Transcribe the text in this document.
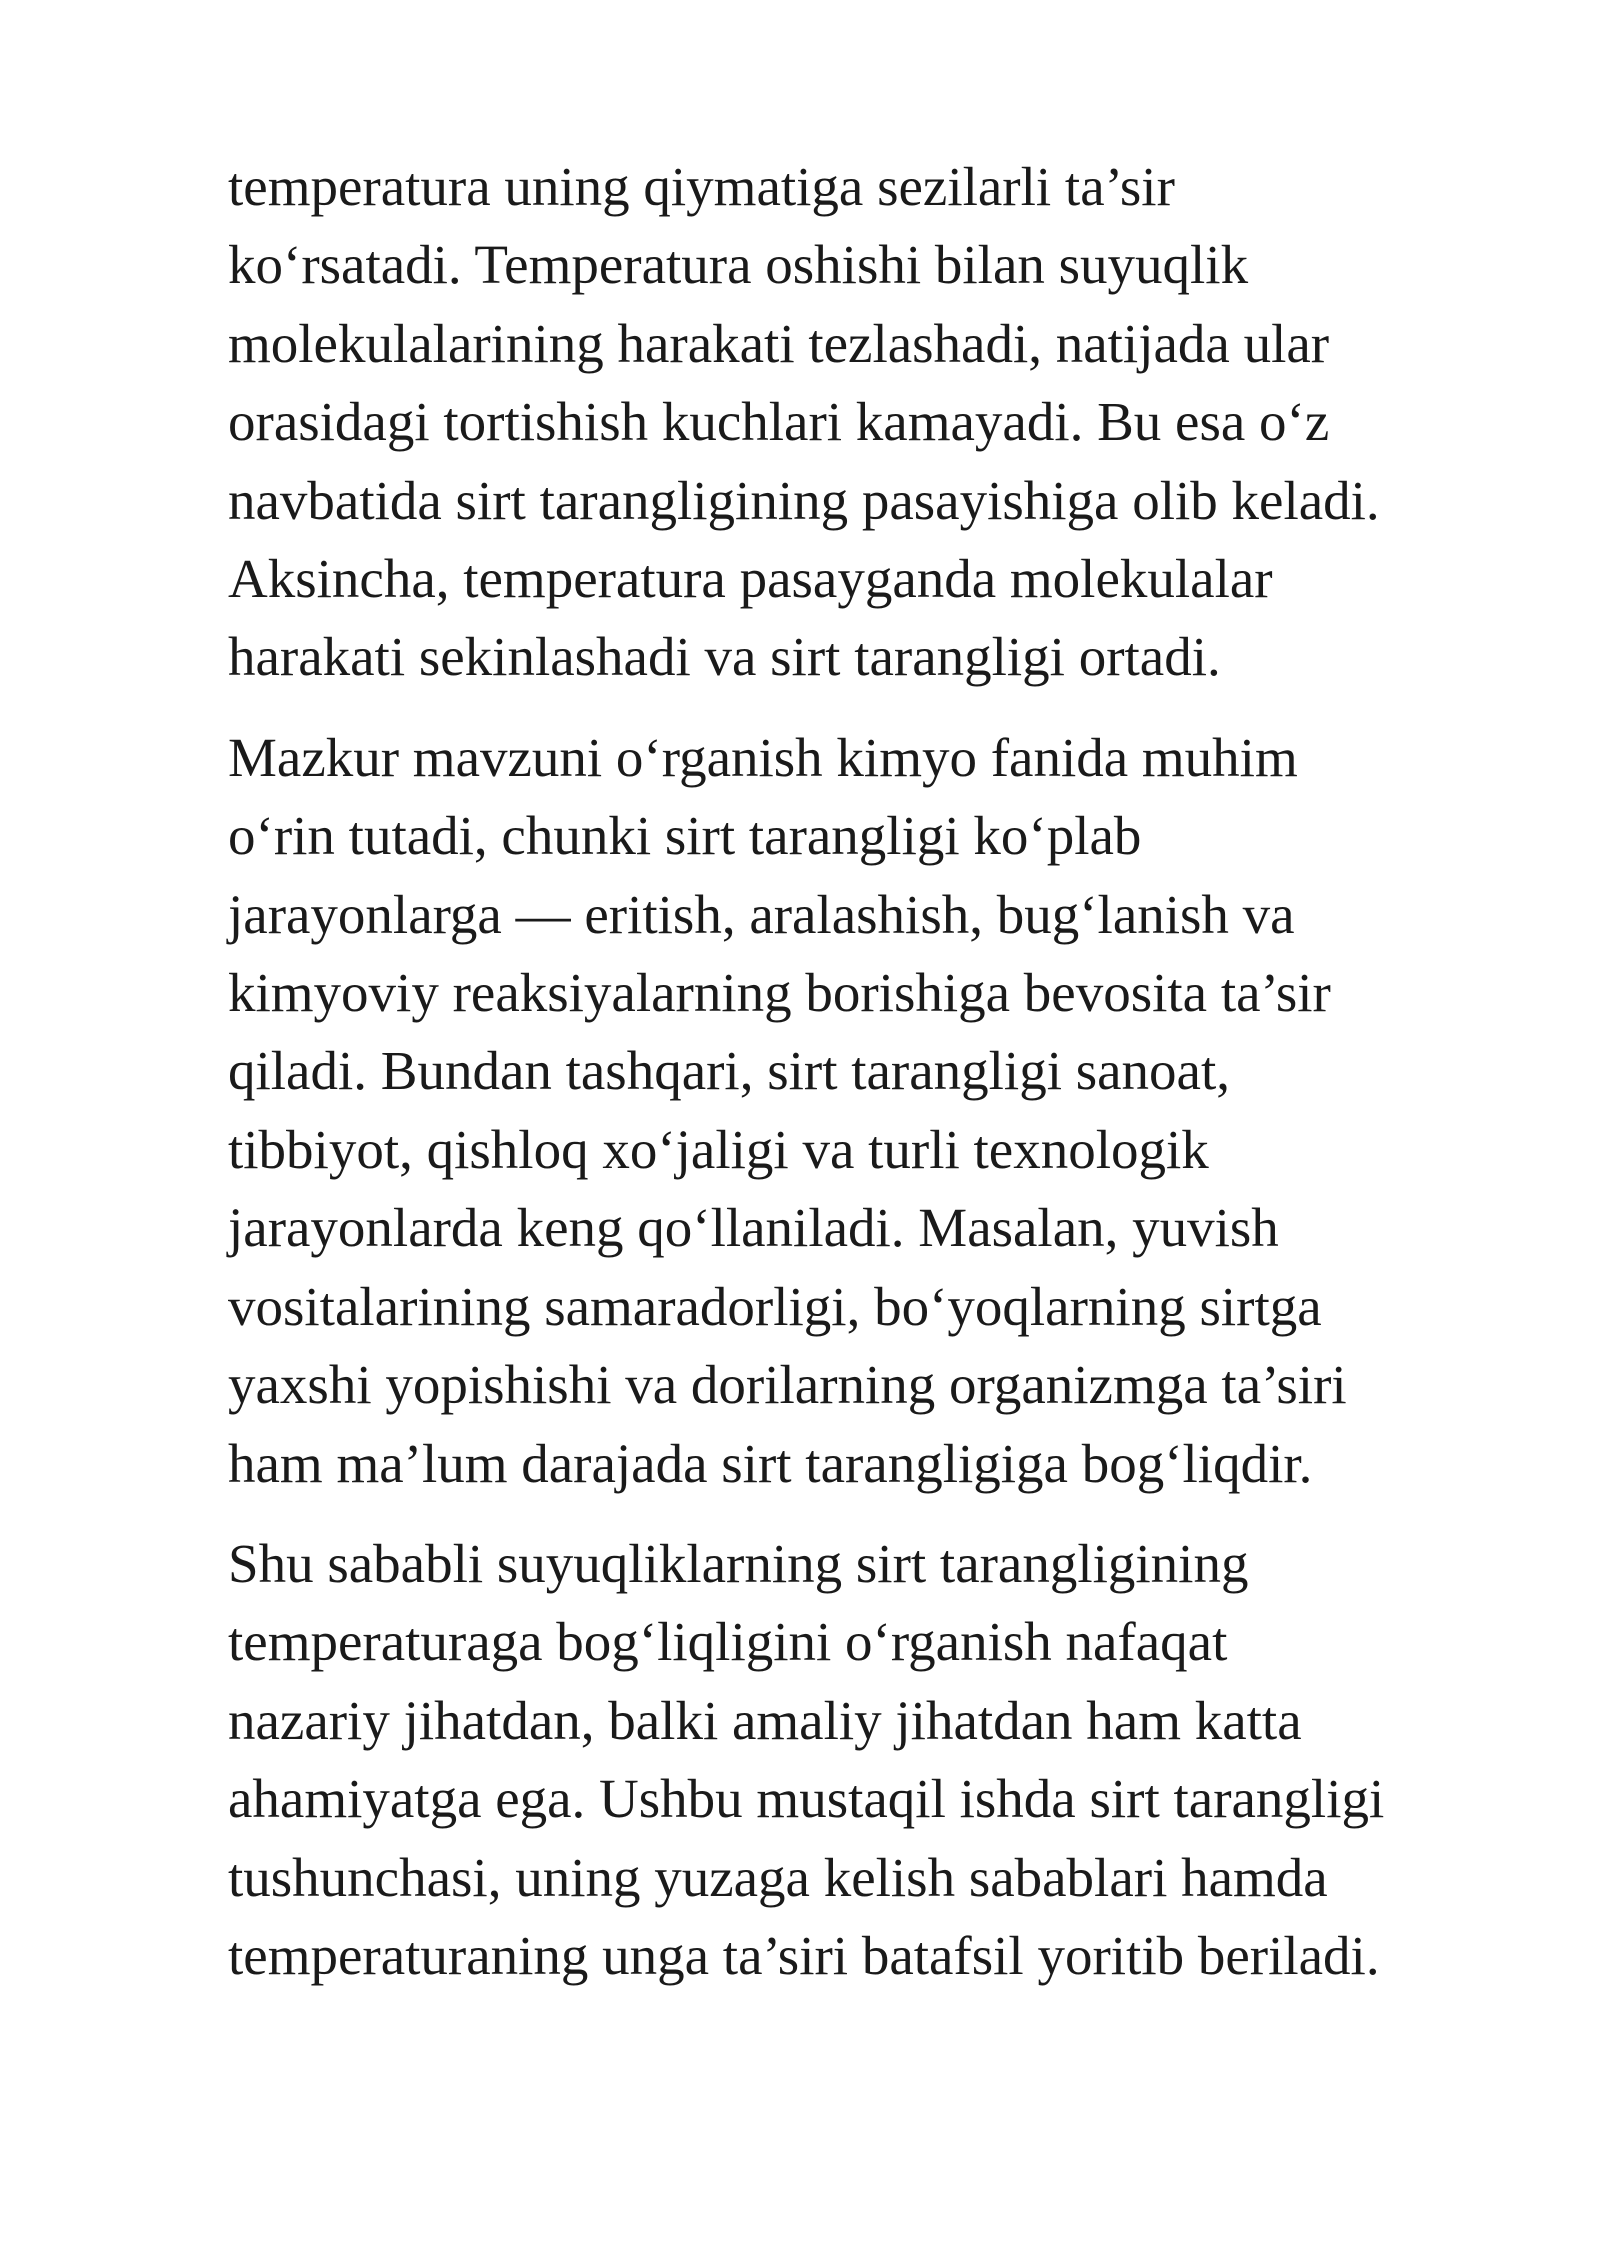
temperatura uning qiymatiga sezilarli ta’sir
ko‘rsatadi. Temperatura oshishi bilan suyuqlik
molekulalarining harakati tezlashadi, natijada ular
orasidagi tortishish kuchlari kamayadi. Bu esa o‘z
navbatida sirt tarangligining pasayishiga olib keladi.
Aksincha, temperatura pasayganda molekulalar
harakati sekinlashadi va sirt tarangligi ortadi.

Mazkur mavzuni o‘rganish kimyo fanida muhim
o‘rin tutadi, chunki sirt tarangligi ko‘plab
jarayonlarga — eritish, aralashish, bug‘lanish va
kimyoviy reaksiyalarning borishiga bevosita ta’sir
qiladi. Bundan tashqari, sirt tarangligi sanoat,
tibbiyot, qishloq xo‘jaligi va turli texnologik
jarayonlarda keng qo‘llaniladi. Masalan, yuvish
vositalarining samaradorligi, bo‘yoqlarning sirtga
yaxshi yopishishi va dorilarning organizmga ta’siri
ham ma’lum darajada sirt tarangligiga bog‘liqdir.

Shu sababli suyuqliklarning sirt tarangligining
temperaturaga bog‘liqligini o‘rganish nafaqat
nazariy jihatdan, balki amaliy jihatdan ham katta
ahamiyatga ega. Ushbu mustaqil ishda sirt tarangligi
tushunchasi, uning yuzaga kelish sabablari hamda
temperaturaning unga ta’siri batafsil yoritib beriladi.
